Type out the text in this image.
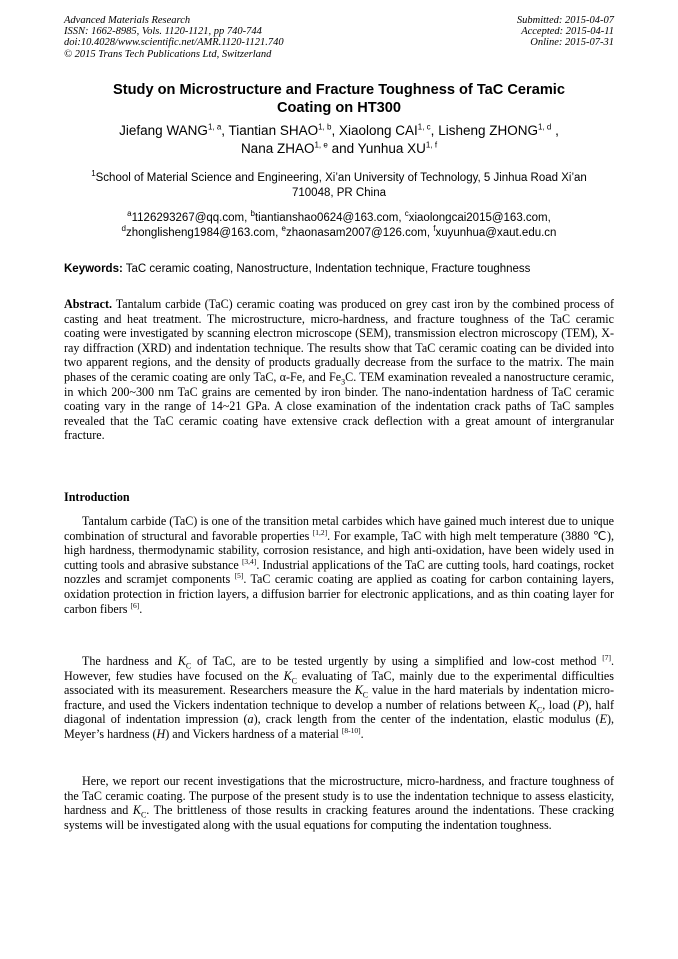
Advanced Materials Research
ISSN: 1662-8985, Vols. 1120-1121, pp 740-744
doi:10.4028/www.scientific.net/AMR.1120-1121.740
© 2015 Trans Tech Publications Ltd, Switzerland
Submitted: 2015-04-07
Accepted: 2015-04-11
Online: 2015-07-31
Study on Microstructure and Fracture Toughness of TaC Ceramic
Coating on HT300
Jiefang WANG$^{1, a}$, Tiantian SHAO$^{1, b}$, Xiaolong CAI$^{1, c}$, Lisheng ZHONG$^{1, d}$ ,
Nana ZHAO$^{1, e}$ and Yunhua XU$^{1, f}$
$^1$School of Material Science and Engineering, Xi’an University of Technology, 5 Jinhua Road Xi’an
710048, PR China
$^a$1126293267@qq.com, $^b$tiantianshao0624@163.com, $^c$xiaolongcai2015@163.com,
$^d$zhonglisheng1984@163.com, $^e$zhaonasam2007@126.com, $^f$xuyunhua@xaut.edu.cn
Keywords: TaC ceramic coating, Nanostructure, Indentation technique, Fracture toughness
Abstract. Tantalum carbide (TaC) ceramic coating was produced on grey cast iron by the combined process of casting and heat treatment. The microstructure, micro-hardness, and fracture toughness of the TaC ceramic coating were investigated by scanning electron microscope (SEM), transmission electron microscopy (TEM), X-ray diffraction (XRD) and indentation technique. The results show that TaC ceramic coating can be divided into two apparent regions, and the density of products gradually decrease from the surface to the matrix. The main phases of the ceramic coating are only TaC, α-Fe, and $Fe_3C$. TEM examination revealed a nanostructure ceramic, in which 200~300 nm TaC grains are cemented by iron binder. The nano-indentation hardness of TaC ceramic coating vary in the range of 14~21 GPa. A close examination of the indentation crack paths of TaC samples revealed that the TaC ceramic coating have extensive crack deflection with a great amount of intergranular fracture.
Introduction
Tantalum carbide (TaC) is one of the transition metal carbides which have gained much interest due to unique combination of structural and favorable properties [1,2]. For example, TaC with high melt temperature (3880 ℃), high hardness, thermodynamic stability, corrosion resistance, and high anti-oxidation, have been widely used in cutting tools and abrasive substance [3,4]. Industrial applications of the TaC are cutting tools, hard coatings, rocket nozzles and scramjet components [5]. TaC ceramic coating are applied as coating for carbon containing layers, oxidation protection in friction layers, a diffusion barrier for electronic applications, and as thin coating layer for carbon fibers [6].
The hardness and $K_C$ of TaC, are to be tested urgently by using a simplified and low-cost method [7]. However, few studies have focused on the $K_C$ evaluating of TaC, mainly due to the experimental difficulties associated with its measurement. Researchers measure the $K_C$ value in the hard materials by indentation micro-fracture, and used the Vickers indentation technique to develop a number of relations between $K_C$, load (P), half diagonal of indentation impression (a), crack length from the center of the indentation, elastic modulus (E), Meyer’s hardness (H) and Vickers hardness of a material [8-10].
Here, we report our recent investigations that the microstructure, micro-hardness, and fracture toughness of the TaC ceramic coating. The purpose of the present study is to use the indentation technique to assess elasticity, hardness and $K_C$. The brittleness of those results in cracking features around the indentations. These cracking systems will be investigated along with the usual equations for computing the indentation toughness.
